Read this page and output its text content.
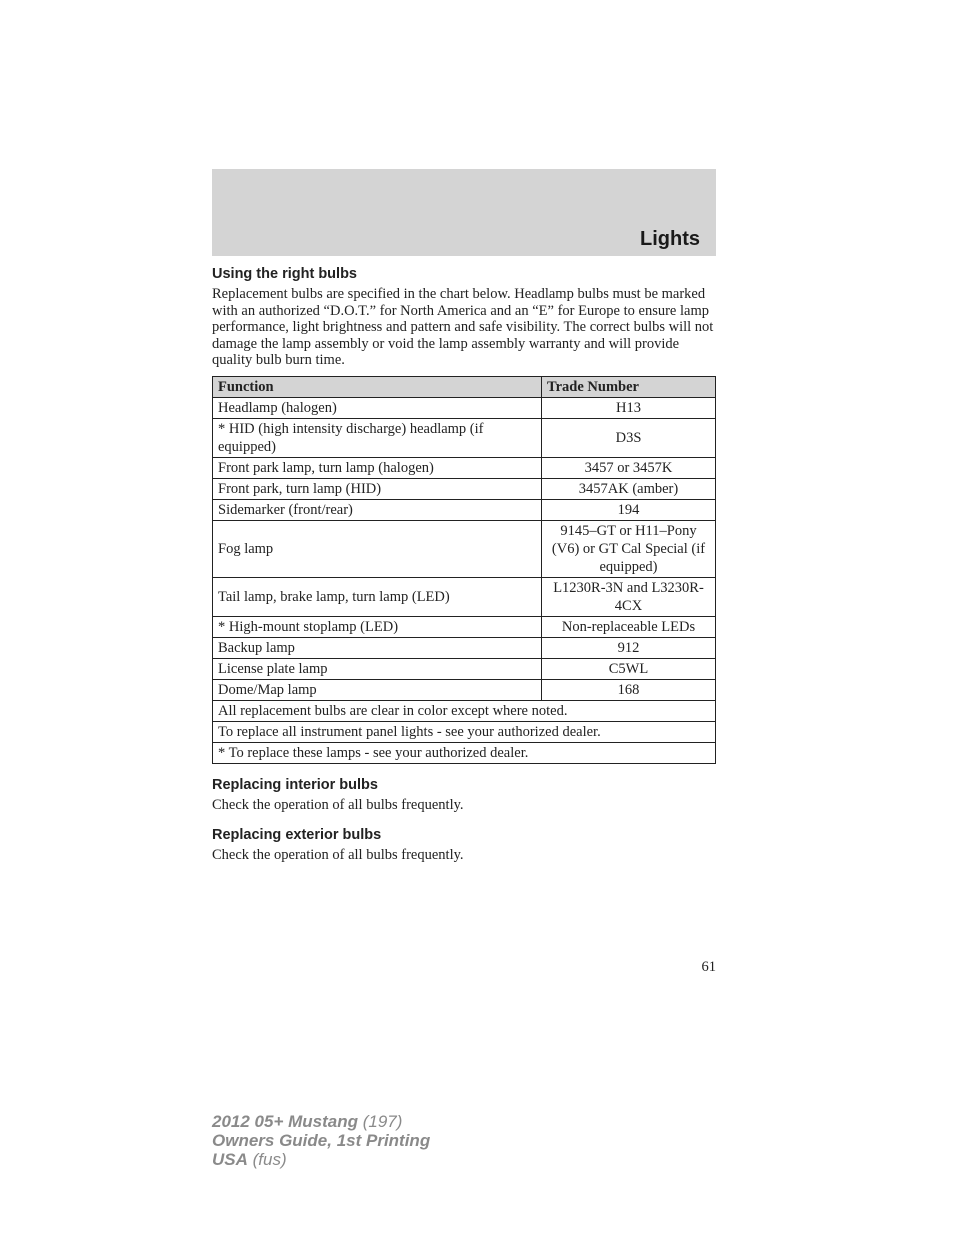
Lights
Using the right bulbs

Replacement bulbs are specified in the chart below. Headlamp bulbs must be marked with an authorized “D.O.T.” for North America and an “E” for Europe to ensure lamp performance, light brightness and pattern and safe visibility. The correct bulbs will not damage the lamp assembly or void the lamp assembly warranty and will provide quality bulb burn time.

Function	Trade Number
Headlamp (halogen)	H13
* HID (high intensity discharge) headlamp (if equipped)	D3S
Front park lamp, turn lamp (halogen)	3457 or 3457K
Front park, turn lamp (HID)	3457AK (amber)
Sidemarker (front/rear)	194
Fog lamp	9145–GT or H11–Pony (V6) or GT Cal Special (if equipped)
Tail lamp, brake lamp, turn lamp (LED)	L1230R-3N and L3230R-4CX
* High-mount stoplamp (LED)	Non-replaceable LEDs
Backup lamp	912
License plate lamp	C5WL
Dome/Map lamp	168
All replacement bulbs are clear in color except where noted.	
To replace all instrument panel lights - see your authorized dealer.	
* To replace these lamps - see your authorized dealer.	
Replacing interior bulbs

Check the operation of all bulbs frequently.

Replacing exterior bulbs

Check the operation of all bulbs frequently.

61
2012 05+ Mustang (197)
Owners Guide, 1st Printing
USA (fus)
